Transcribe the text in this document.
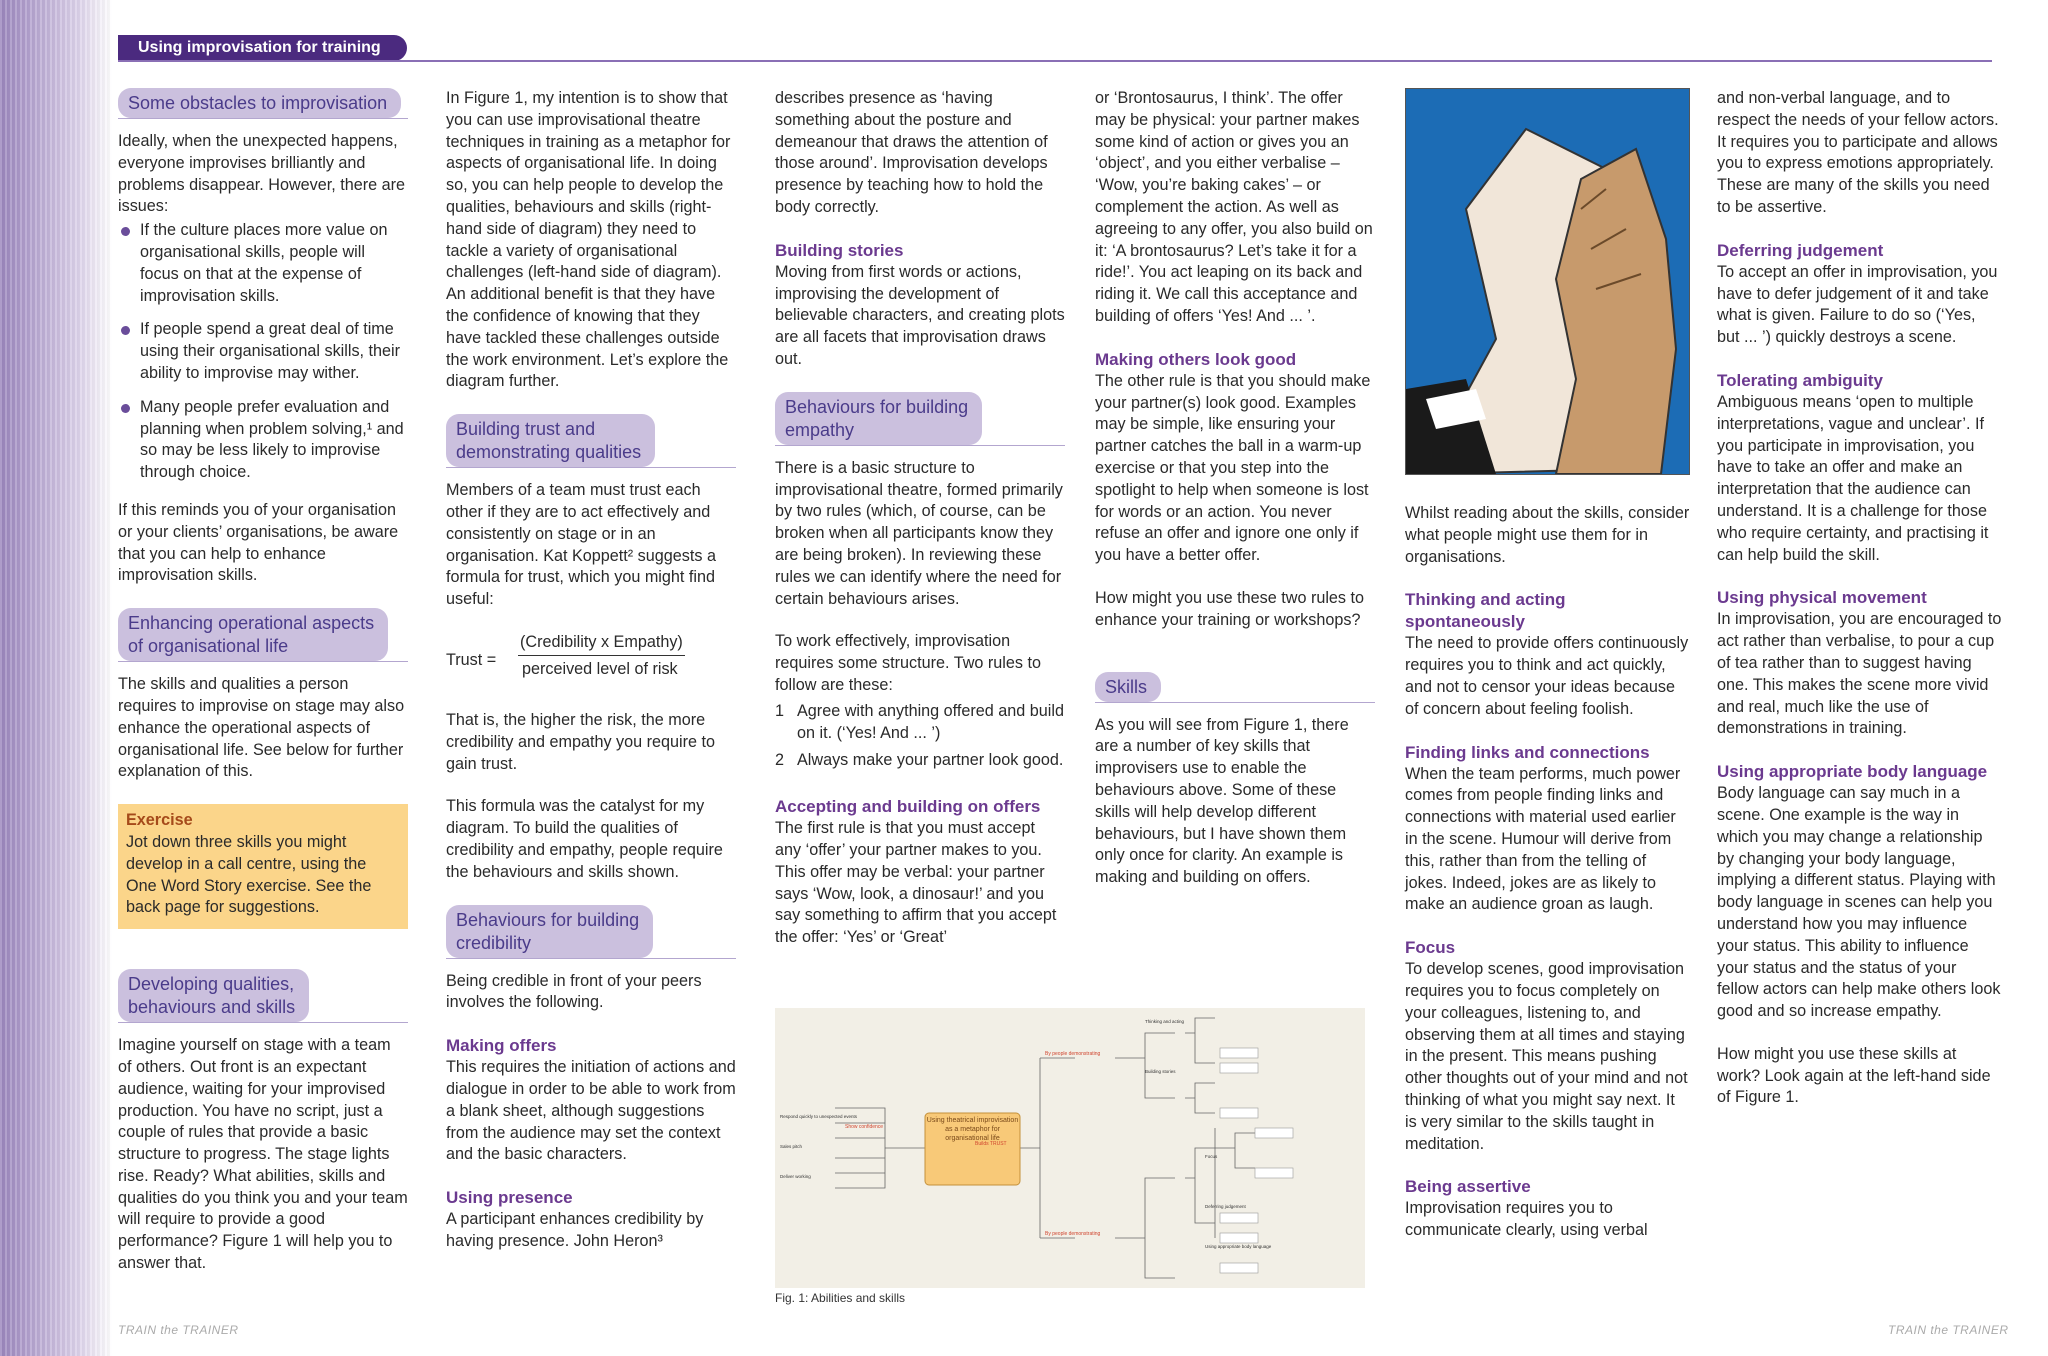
Using improvisation for training
Some obstacles to improvisation

Ideally, when the unexpected happens, everyone improvises brilliantly and problems disappear. However, there are issues:

If the culture places more value on organisational skills, people will focus on that at the expense of improvisation skills.
If people spend a great deal of time using their organisational skills, their ability to improvise may wither.
Many people prefer evaluation and planning when problem solving,¹ and so may be less likely to improvise through choice.

If this reminds you of your organisation or your clients’ organisations, be aware that you can help to enhance improvisation skills.

Enhancing operational aspects
of organisational life

The skills and qualities a person requires to improvise on stage may also enhance the operational aspects of organisational life. See below for further explanation of this.

Exercise
Jot down three skills you might develop in a call centre, using the One Word Story exercise. See the back page for suggestions.
Developing qualities,
behaviours and skills

Imagine yourself on stage with a team of others. Out front is an expectant audience, waiting for your improvised production. You have no script, just a couple of rules that provide a basic structure to progress. The stage lights rise. Ready? What abilities, skills and qualities do you think you and your team will require to provide a good performance? Figure 1 will help you to answer that.

In Figure 1, my intention is to show that you can use improvisational theatre techniques in training as a metaphor for aspects of organisational life. In doing so, you can help people to develop the qualities, behaviours and skills (right-hand side of diagram) they need to tackle a variety of organisational challenges (left-hand side of diagram). An additional benefit is that they have the confidence of knowing that they have tackled these challenges outside the work environment. Let’s explore the diagram further.

Building trust and
demonstrating qualities

Members of a team must trust each other if they are to act effectively and consistently on stage or in an organisation. Kat Koppett² suggests a formula for trust, which you might find useful:

Trust =
(Credibility x Empathy)
perceived level of risk

That is, the higher the risk, the more credibility and empathy you require to gain trust.

This formula was the catalyst for my diagram. To build the qualities of credibility and empathy, people require the behaviours and skills shown.

Behaviours for building
credibility

Being credible in front of your peers involves the following.

Making offers

This requires the initiation of actions and dialogue in order to be able to work from a blank sheet, although suggestions from the audience may set the context and the basic characters.

Using presence

A participant enhances credibility by having presence. John Heron³

describes presence as ‘having something about the posture and demeanour that draws the attention of those around’. Improvisation develops presence by teaching how to hold the body correctly.

Building stories

Moving from first words or actions, improvising the development of believable characters, and creating plots are all facets that improvisation draws out.

Behaviours for building
empathy

There is a basic structure to improvisational theatre, formed primarily by two rules (which, of course, can be broken when all participants know they are being broken). In reviewing these rules we can identify where the need for certain behaviours arises.

To work effectively, improvisation requires some structure. Two rules to follow are these:

1 Agree with anything offered and build on it. (‘Yes! And ... ’)
2 Always make your partner look good.
Accepting and building on offers

The first rule is that you must accept any ‘offer’ your partner makes to you. This offer may be verbal: your partner says ‘Wow, look, a dinosaur!’ and you say something to affirm that you accept the offer: ‘Yes’ or ‘Great’

or ‘Brontosaurus, I think’. The offer may be physical: your partner makes some kind of action or gives you an ‘object’, and you either verbalise – ‘Wow, you’re baking cakes’ – or complement the action. As well as agreeing to any offer, you also build on it: ‘A brontosaurus? Let’s take it for a ride!’. You act leaping on its back and riding it. We call this acceptance and building of offers ‘Yes! And ... ’.

Making others look good

The other rule is that you should make your partner(s) look good. Examples may be simple, like ensuring your partner catches the ball in a warm-up exercise or that you step into the spotlight to help when someone is lost for words or an action. You never refuse an offer and ignore one only if you have a better offer.

How might you use these two rules to enhance your training or workshops?

Skills

As you will see from Figure 1, there are a number of key skills that improvisers use to enable the behaviours above. Some of these skills will help develop different behaviours, but I have shown them only once for clarity. An example is making and building on offers.

Whilst reading about the skills, consider what people might use them for in organisations.

Thinking and acting spontaneously

The need to provide offers continuously requires you to think and act quickly, and not to censor your ideas because of concern about feeling foolish.

Finding links and connections

When the team performs, much power comes from people finding links and connections with material used earlier in the scene. Humour will derive from this, rather than from the telling of jokes. Indeed, jokes are as likely to make an audience groan as laugh.

Focus

To develop scenes, good improvisation requires you to focus completely on your colleagues, listening to, and observing them at all times and staying in the present. This means pushing other thoughts out of your mind and not thinking of what you might say next. It is very similar to the skills taught in meditation.

Being assertive

Improvisation requires you to communicate clearly, using verbal

and non-verbal language, and to respect the needs of your fellow actors. It requires you to participate and allows you to express emotions appropriately. These are many of the skills you need to be assertive.

Deferring judgement

To accept an offer in improvisation, you have to defer judgement of it and take what is given. Failure to do so (‘Yes, but ... ’) quickly destroys a scene.

Tolerating ambiguity

Ambiguous means ‘open to multiple interpretations, vague and unclear’. If you participate in improvisation, you have to take an offer and make an interpretation that the audience can understand. It is a challenge for those who require certainty, and practising it can help build the skill.

Using physical movement

In improvisation, you are encouraged to act rather than verbalise, to pour a cup of tea rather than to suggest having one. This makes the scene more vivid and real, much like the use of demonstrations in training.

Using appropriate body language

Body language can say much in a scene. One example is the way in which you may change a relationship by changing your body language, implying a different status. Playing with body language in scenes can help you understand how you may influence your status. This ability to influence your status and the status of your fellow actors can help make others look good and so increase empathy.

How might you use these skills at work? Look again at the left-hand side of Figure 1.

Show confidence
By people demonstrating
By people demonstrating
Builds TRUST
Respond quickly to unexpected events
Sales pitch
Deliver working
Thinking and acting
Building stories
Focus
Deferring judgement
Using appropriate body language
Using theatrical improvisation as a metaphor for organisational life
Fig. 1: Abilities and skills
TRAIN the TRAINER	TRAIN the TRAINER
